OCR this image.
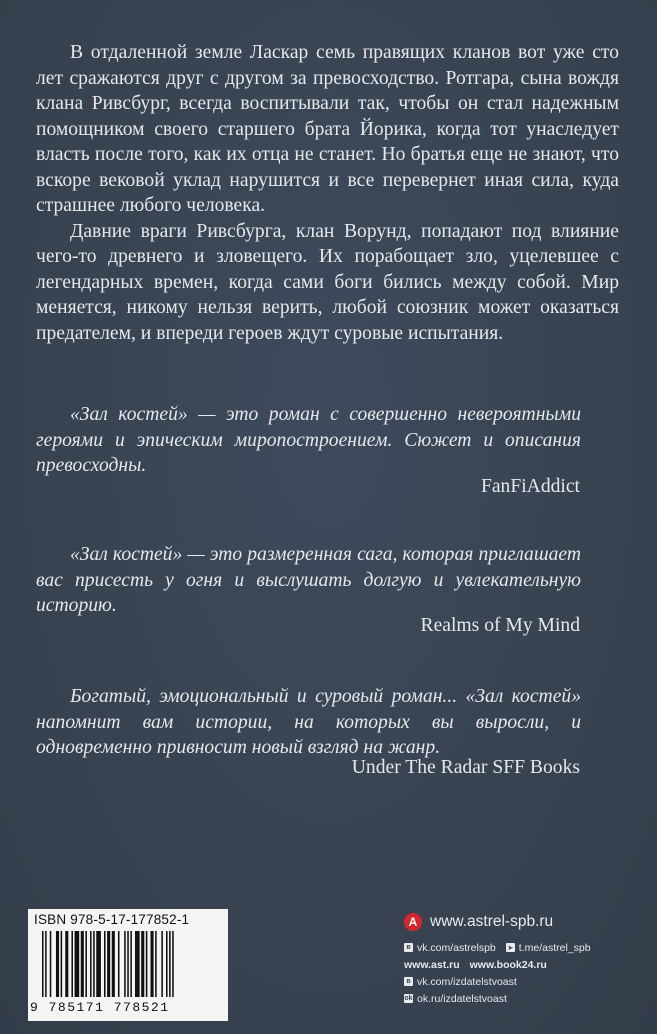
В отдаленной земле Ласкар семь правящих кланов вот уже сто лет сражаются друг с другом за превосходство. Ротгара, сына вождя клана Ривсбург, всегда воспитывали так, чтобы он стал надежным помощником своего старшего брата Йорика, когда тот унаследует власть после того, как их отца не станет. Но братья еще не знают, что вскоре вековой уклад нарушится и все перевернет иная сила, куда страшнее любого человека.

Давние враги Ривсбурга, клан Ворунд, попадают под влияние чего-то древнего и зловещего. Их порабощает зло, уцелевшее с легендарных времен, когда сами боги бились между собой. Мир меняется, никому нельзя верить, любой союзник может оказаться предателем, и впереди героев ждут суровые испытания.

«Зал костей» — это роман с совершенно невероятными героями и эпическим миропостроением. Сюжет и описания превосходны.

FanFiAddict

«Зал костей» — это размеренная сага, которая приглашает вас присесть у огня и выслушать долгую и увлекательную историю.

Realms of My Mind

Богатый, эмоциональный и суровый роман... «Зал костей» напомнит вам истории, на которых вы выросли, и одновременно привносит новый взгляд на жанр.

Under The Radar SFF Books

ISBN 978-5-17-177852-1
9 785171 778521
A www.astrel-spb.ru
в vk.com/astrelspb ➤ t.me/astrel_spb
www.ast.ru www.book24.ru
в vk.com/izdatelstvoast
ok ok.ru/izdatelstvoast
